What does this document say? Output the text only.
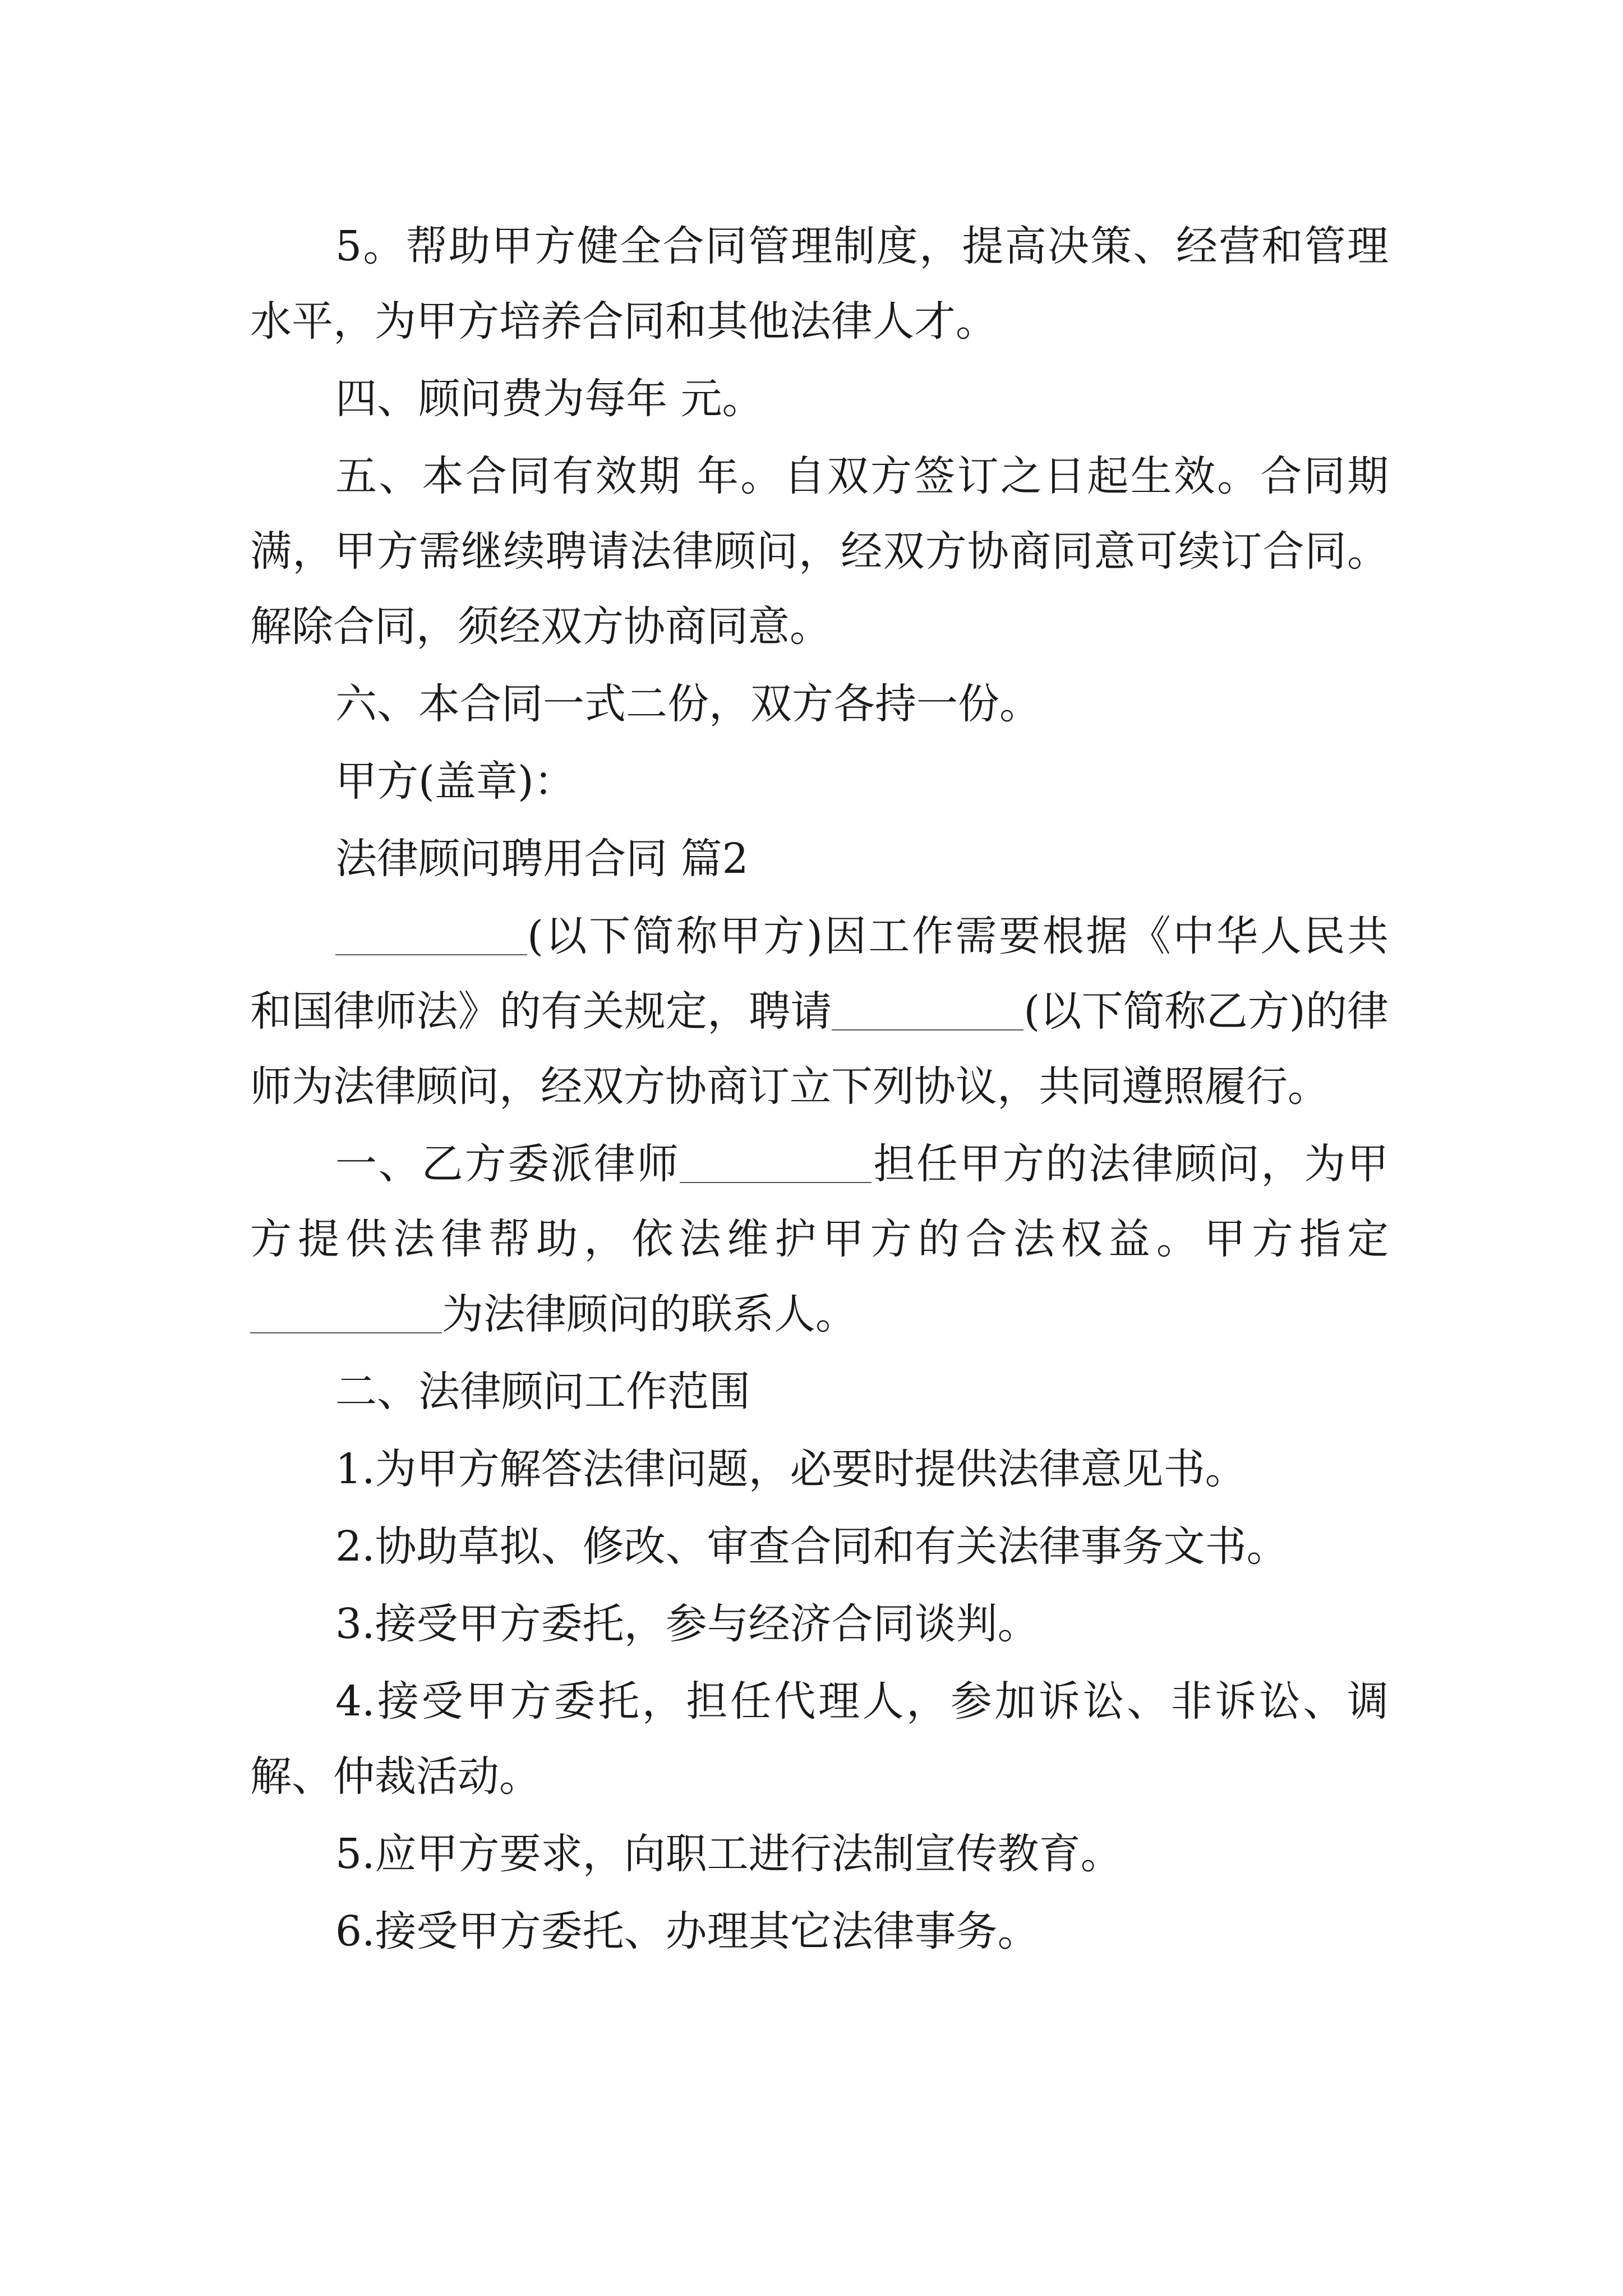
5。帮助甲方健全合同管理制度，提高决策、经营和管理水平，为甲方培养合同和其他法律人才。

四、顾问费为每年 元。

五、本合同有效期 年。自双方签订之日起生效。合同期满，甲方需继续聘请法律顾问，经双方协商同意可续订合同。解除合同，须经双方协商同意。

六、本合同一式二份，双方各持一份。

甲方(盖章)：

法律顾问聘用合同 篇2

(以下简称甲方)因工作需要根据《中华人民共和国律师法》的有关规定，聘请	(以下简称乙方)的律师为法律顾问，经双方协商订立下列协议，共同遵照履行。

一、乙方委派律师	担任甲方的法律顾问，为甲方提供法律帮助，依法维护甲方的合法权益。甲方指定为法律顾问的联系人。

二、法律顾问工作范围

1.为甲方解答法律问题，必要时提供法律意见书。

2.协助草拟、修改、审查合同和有关法律事务文书。

3.接受甲方委托，参与经济合同谈判。

4.接受甲方委托，担任代理人，参加诉讼、非诉讼、调解、仲裁活动。

5.应甲方要求，向职工进行法制宣传教育。

6.接受甲方委托、办理其它法律事务。
